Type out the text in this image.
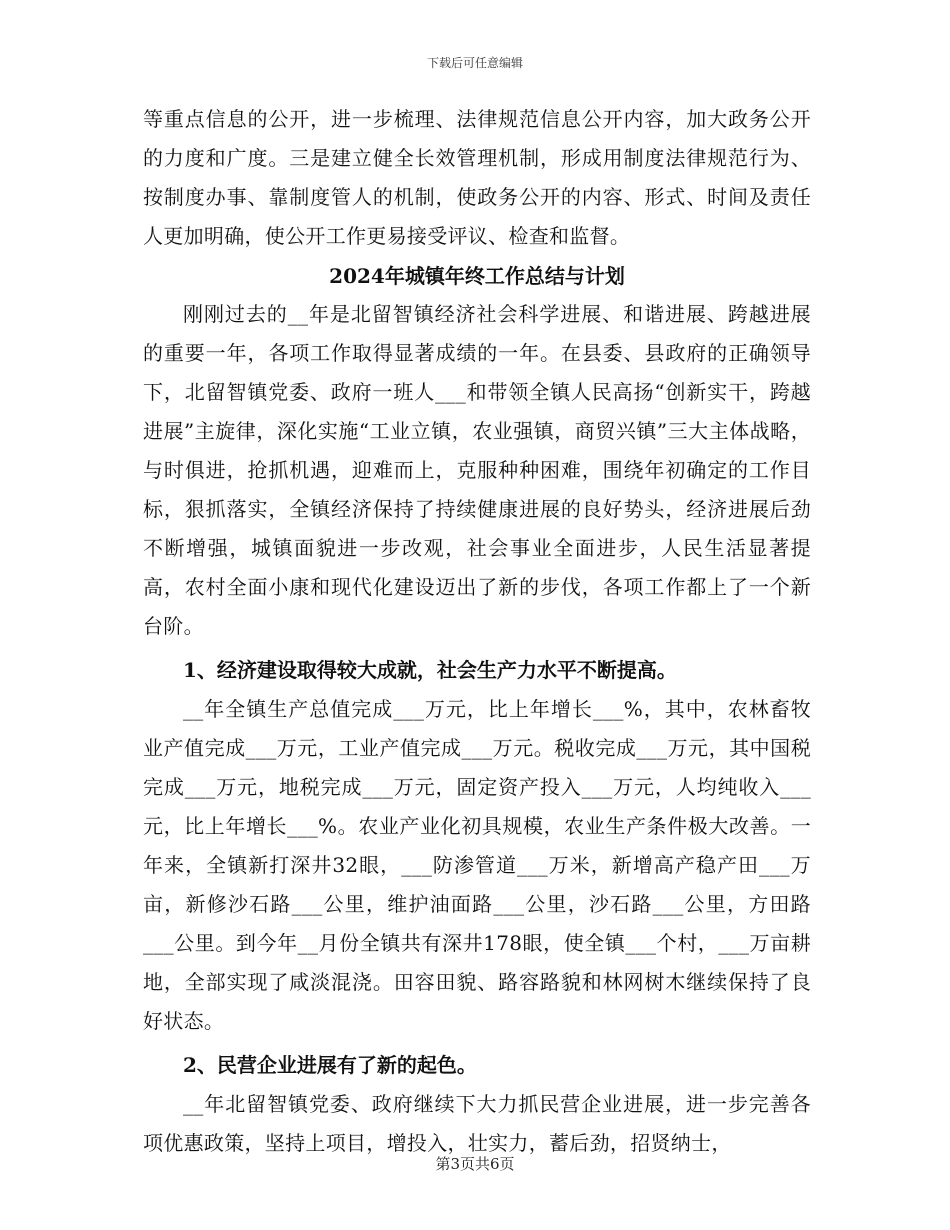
下载后可任意编辑

等重点信息的公开，进一步梳理、法律规范信息公开内容，加大政务公开的力度和广度。三是建立健全长效管理机制，形成用制度法律规范行为、按制度办事、靠制度管人的机制，使政务公开的内容、形式、时间及责任人更加明确，使公开工作更易接受评议、检查和监督。

2024年城镇年终工作总结与计划

刚刚过去的__年是北留智镇经济社会科学进展、和谐进展、跨越进展的重要一年，各项工作取得显著成绩的一年。在县委、县政府的正确领导下，北留智镇党委、政府一班人___和带领全镇人民高扬“创新实干，跨越进展”主旋律，深化实施“工业立镇，农业强镇，商贸兴镇”三大主体战略，与时俱进，抢抓机遇，迎难而上，克服种种困难，围绕年初确定的工作目标，狠抓落实，全镇经济保持了持续健康进展的良好势头，经济进展后劲不断增强，城镇面貌进一步改观，社会事业全面进步，人民生活显著提高，农村全面小康和现代化建设迈出了新的步伐，各项工作都上了一个新台阶。

1、经济建设取得较大成就，社会生产力水平不断提高。

__年全镇生产总值完成___万元，比上年增长___%，其中，农林畜牧业产值完成___万元，工业产值完成___万元。税收完成___万元，其中国税完成___万元，地税完成___万元，固定资产投入___万元，人均纯收入___元，比上年增长___%。农业产业化初具规模，农业生产条件极大改善。一年来，全镇新打深井32眼，___防渗管道___万米，新增高产稳产田___万亩，新修沙石路___公里，维护油面路___公里，沙石路___公里，方田路___公里。到今年__月份全镇共有深井178眼，使全镇___个村，___万亩耕地，全部实现了咸淡混浇。田容田貌、路容路貌和林网树木继续保持了良好状态。

2、民营企业进展有了新的起色。

__年北留智镇党委、政府继续下大力抓民营企业进展，进一步完善各项优惠政策，坚持上项目，增投入，壮实力，蓄后劲，招贤纳士，

第3页共6页
